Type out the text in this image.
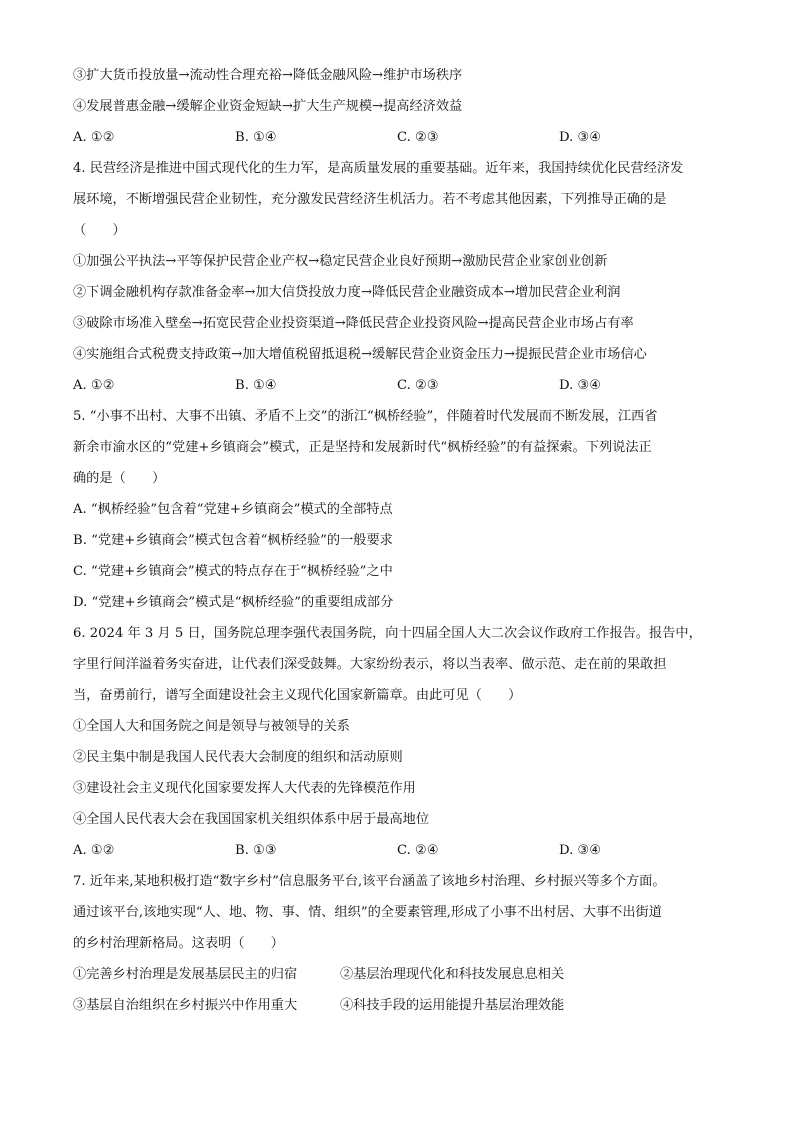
③扩大货币投放量→流动性合理充裕→降低金融风险→维护市场秩序
④发展普惠金融→缓解企业资金短缺→扩大生产规模→提高经济效益
A. ①②	B. ①④	C. ②③	D. ③④
4. 民营经济是推进中国式现代化的生力军，是高质量发展的重要基础。近年来，我国持续优化民营经济发
展环境，不断增强民营企业韧性，充分激发民营经济生机活力。若不考虑其他因素，下列推导正确的是
（　　）
①加强公平执法→平等保护民营企业产权→稳定民营企业良好预期→激励民营企业家创业创新
②下调金融机构存款准备金率→加大信贷投放力度→降低民营企业融资成本→增加民营企业利润
③破除市场准入壁垒→拓宽民营企业投资渠道→降低民营企业投资风险→提高民营企业市场占有率
④实施组合式税费支持政策→加大增值税留抵退税→缓解民营企业资金压力→提振民营企业市场信心
A. ①②	B. ①④	C. ②③	D. ③④
5. “小事不出村、大事不出镇、矛盾不上交”的浙江“枫桥经验”，伴随着时代发展而不断发展，江西省
新余市渝水区的“党建+乡镇商会”模式，正是坚持和发展新时代“枫桥经验”的有益探索。下列说法正
确的是（　　）
A. “枫桥经验”包含着“党建+乡镇商会”模式的全部特点
B. “党建+乡镇商会”模式包含着“枫桥经验”的一般要求
C. “党建+乡镇商会”模式的特点存在于“枫桥经验”之中
D. “党建+乡镇商会”模式是“枫桥经验”的重要组成部分
6. 2024 年 3 月 5 日，国务院总理李强代表国务院，向十四届全国人大二次会议作政府工作报告。报告中，
字里行间洋溢着务实奋进，让代表们深受鼓舞。大家纷纷表示，将以当表率、做示范、走在前的果敢担
当，奋勇前行，谱写全面建设社会主义现代化国家新篇章。由此可见（　　）
①全国人大和国务院之间是领导与被领导的关系
②民主集中制是我国人民代表大会制度的组织和活动原则
③建设社会主义现代化国家要发挥人大代表的先锋模范作用
④全国人民代表大会在我国国家机关组织体系中居于最高地位
A. ①②	B. ①③	C. ②④	D. ③④
7. 近年来,某地积极打造“数字乡村”信息服务平台,该平台涵盖了该地乡村治理、乡村振兴等多个方面。
通过该平台,该地实现“人、地、物、事、情、组织”的全要素管理,形成了小事不出村居、大事不出街道
的乡村治理新格局。这表明（　　）
①完善乡村治理是发展基层民主的归宿	②基层治理现代化和科技发展息息相关
③基层自治组织在乡村振兴中作用重大	④科技手段的运用能提升基层治理效能
